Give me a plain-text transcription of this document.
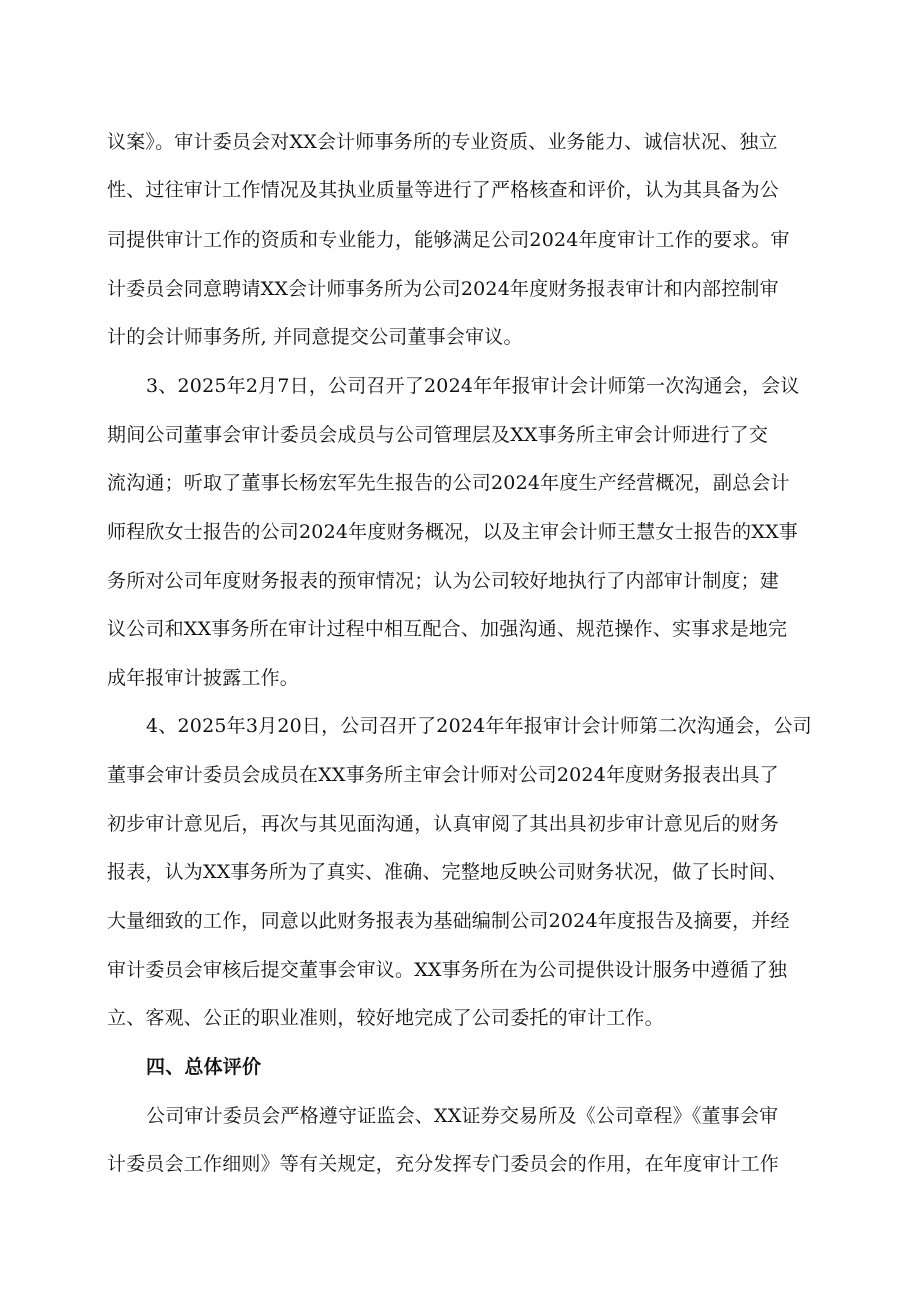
议案》。审计委员会对XX会计师事务所的专业资质、业务能力、诚信状况、独立
性、过往审计工作情况及其执业质量等进行了严格核查和评价，认为其具备为公
司提供审计工作的资质和专业能力，能够满足公司2024年度审计工作的要求。审
计委员会同意聘请XX会计师事务所为公司2024年度财务报表审计和内部控制审
计的会计师事务所, 并同意提交公司董事会审议。
3、2025年2月7日，公司召开了2024年年报审计会计师第一次沟通会，会议
期间公司董事会审计委员会成员与公司管理层及XX事务所主审会计师进行了交
流沟通；听取了董事长杨宏军先生报告的公司2024年度生产经营概况，副总会计
师程欣女士报告的公司2024年度财务概况，以及主审会计师王慧女士报告的XX事
务所对公司年度财务报表的预审情况；认为公司较好地执行了内部审计制度；建
议公司和XX事务所在审计过程中相互配合、加强沟通、规范操作、实事求是地完
成年报审计披露工作。
4、2025年3月20日，公司召开了2024年年报审计会计师第二次沟通会，公司
董事会审计委员会成员在XX事务所主审会计师对公司2024年度财务报表出具了
初步审计意见后，再次与其见面沟通，认真审阅了其出具初步审计意见后的财务
报表，认为XX事务所为了真实、准确、完整地反映公司财务状况，做了长时间、
大量细致的工作，同意以此财务报表为基础编制公司2024年度报告及摘要，并经
审计委员会审核后提交董事会审议。XX事务所在为公司提供设计服务中遵循了独
立、客观、公正的职业准则，较好地完成了公司委托的审计工作。
四、总体评价
公司审计委员会严格遵守证监会、XX证券交易所及《公司章程》《董事会审
计委员会工作细则》等有关规定，充分发挥专门委员会的作用，在年度审计工作
